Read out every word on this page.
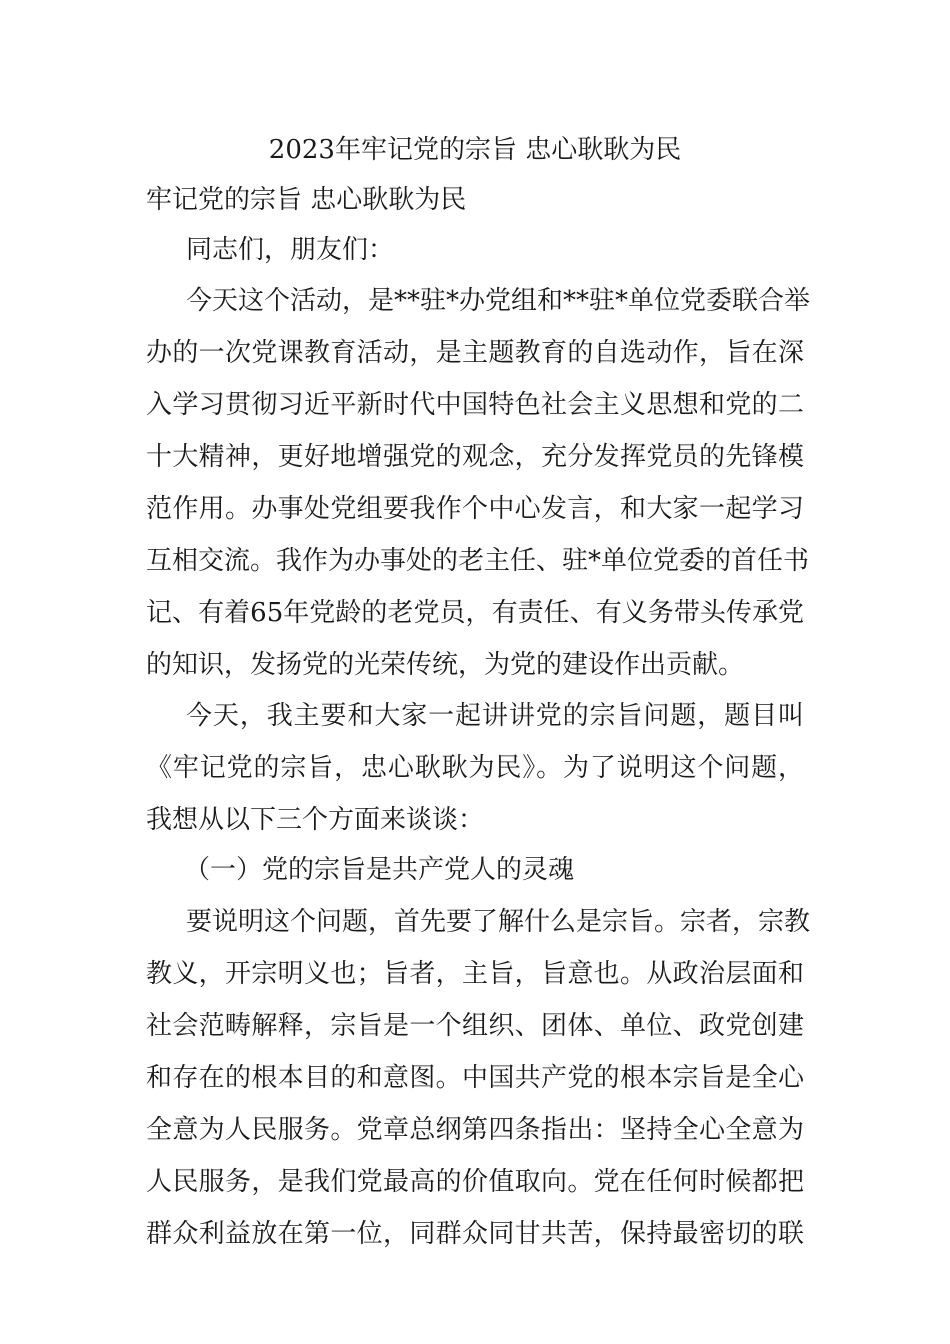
2023年牢记党的宗旨 忠心耿耿为民
牢记党的宗旨 忠心耿耿为民
同志们，朋友们：
今天这个活动，是**驻*办党组和**驻*单位党委联合举
办的一次党课教育活动，是主题教育的自选动作，旨在深
入学习贯彻习近平新时代中国特色社会主义思想和党的二
十大精神，更好地增强党的观念，充分发挥党员的先锋模
范作用。办事处党组要我作个中心发言，和大家一起学习
互相交流。我作为办事处的老主任、驻*单位党委的首任书
记、有着65年党龄的老党员，有责任、有义务带头传承党
的知识，发扬党的光荣传统，为党的建设作出贡献。
今天，我主要和大家一起讲讲党的宗旨问题，题目叫
《牢记党的宗旨，忠心耿耿为民》。为了说明这个问题，
我想从以下三个方面来谈谈：
（一）党的宗旨是共产党人的灵魂
要说明这个问题，首先要了解什么是宗旨。宗者，宗教
教义，开宗明义也；旨者，主旨，旨意也。从政治层面和
社会范畴解释，宗旨是一个组织、团体、单位、政党创建
和存在的根本目的和意图。中国共产党的根本宗旨是全心
全意为人民服务。党章总纲第四条指出：坚持全心全意为
人民服务，是我们党最高的价值取向。党在任何时候都把
群众利益放在第一位，同群众同甘共苦，保持最密切的联
